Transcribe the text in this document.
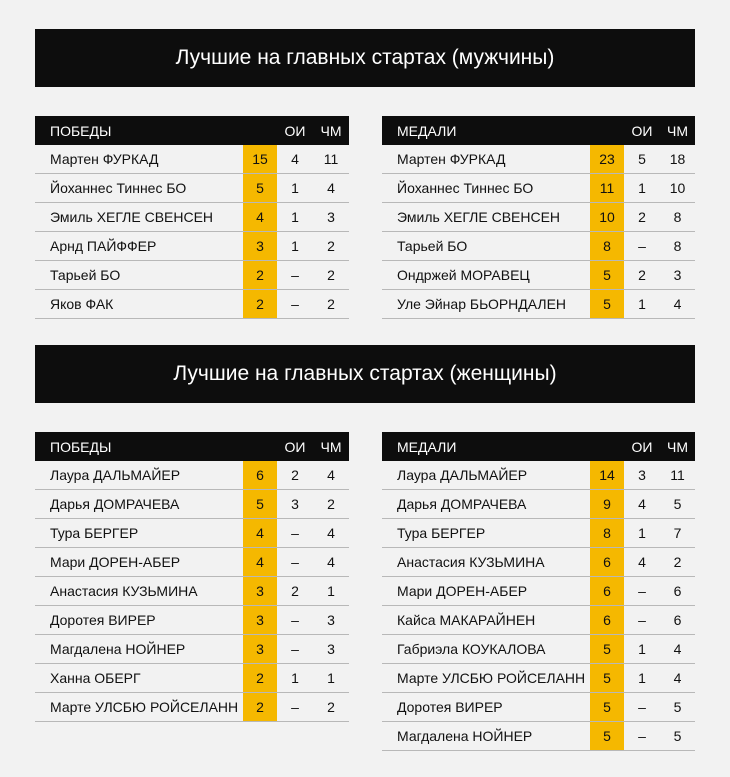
Лучшие на главных стартах (мужчины)
ПОБЕДЫ		ОИ	ЧМ
Мартен ФУРКАД	15	4	11
Йоханнес Тиннес БО	5	1	4
Эмиль ХЕГЛЕ СВЕНСЕН	4	1	3
Арнд ПАЙФФЕР	3	1	2
Тарьей БО	2	–	2
Яков ФАК	2	–	2
МЕДАЛИ		ОИ	ЧМ
Мартен ФУРКАД	23	5	18
Йоханнес Тиннес БО	11	1	10
Эмиль ХЕГЛЕ СВЕНСЕН	10	2	8
Тарьей БО	8	–	8
Ондржей МОРАВЕЦ	5	2	3
Уле Эйнар БЬОРНДАЛЕН	5	1	4
Лучшие на главных стартах (женщины)
ПОБЕДЫ		ОИ	ЧМ
Лаура ДАЛЬМАЙЕР	6	2	4
Дарья ДОМРАЧЕВА	5	3	2
Тура БЕРГЕР	4	–	4
Мари ДОРЕН-АБЕР	4	–	4
Анастасия КУЗЬМИНА	3	2	1
Доротея ВИРЕР	3	–	3
Магдалена НОЙНЕР	3	–	3
Ханна ОБЕРГ	2	1	1
Марте УЛСБЮ РОЙСЕЛАНН	2	–	2
МЕДАЛИ		ОИ	ЧМ
Лаура ДАЛЬМАЙЕР	14	3	11
Дарья ДОМРАЧЕВА	9	4	5
Тура БЕРГЕР	8	1	7
Анастасия КУЗЬМИНА	6	4	2
Мари ДОРЕН-АБЕР	6	–	6
Кайса МАКАРАЙНЕН	6	–	6
Габриэла КОУКАЛОВА	5	1	4
Марте УЛСБЮ РОЙСЕЛАНН	5	1	4
Доротея ВИРЕР	5	–	5
Магдалена НОЙНЕР	5	–	5
